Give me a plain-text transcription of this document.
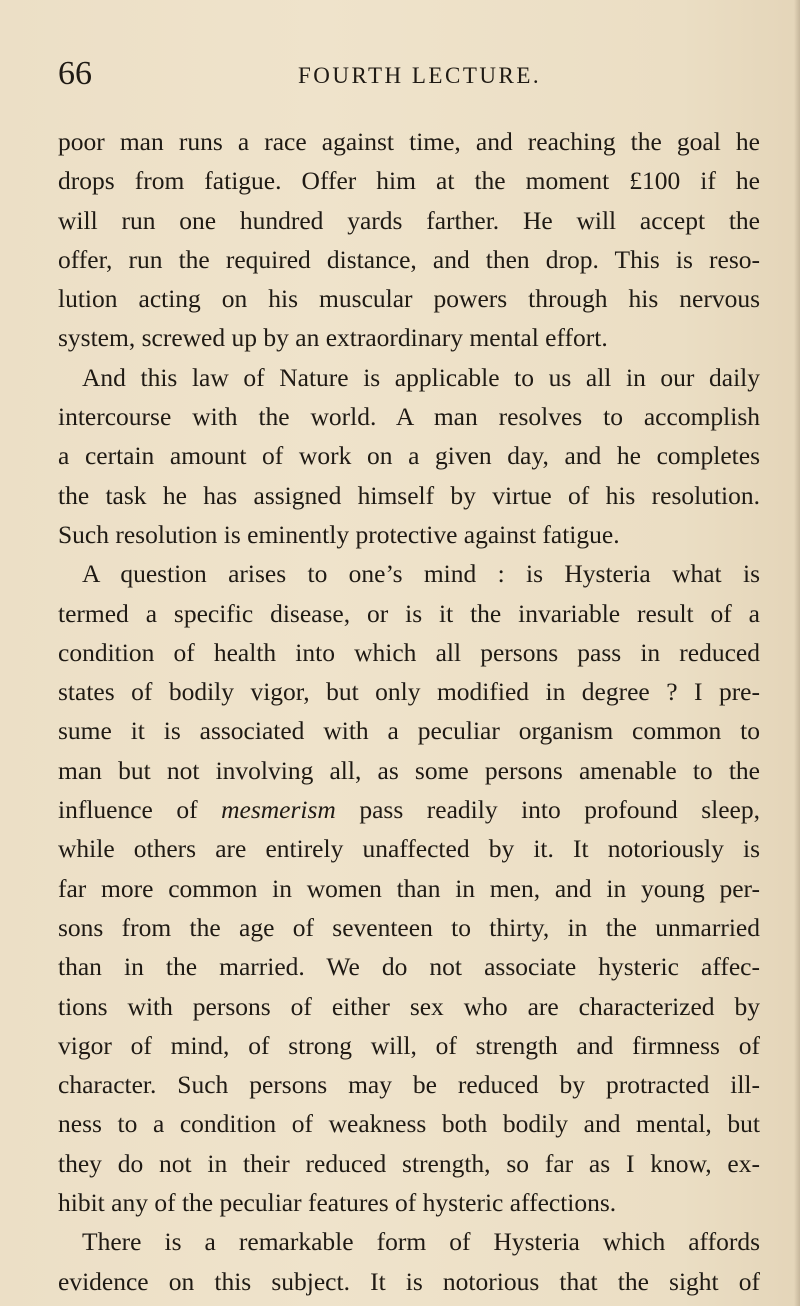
66	FOURTH LECTURE.
poor man runs a race against time, and reaching the goal he
drops from fatigue. Offer him at the moment £100 if he
will run one hundred yards farther. He will accept the
offer, run the required distance, and then drop. This is reso-
lution acting on his muscular powers through his nervous
system, screwed up by an extraordinary mental effort.
And this law of Nature is applicable to us all in our daily
intercourse with the world. A man resolves to accomplish
a certain amount of work on a given day, and he completes
the task he has assigned himself by virtue of his resolution.
Such resolution is eminently protective against fatigue.
A question arises to one’s mind : is Hysteria what is
termed a specific disease, or is it the invariable result of a
condition of health into which all persons pass in reduced
states of bodily vigor, but only modified in degree ? I pre-
sume it is associated with a peculiar organism common to
man but not involving all, as some persons amenable to the
influence of mesmerism pass readily into profound sleep,
while others are entirely unaffected by it. It notoriously is
far more common in women than in men, and in young per-
sons from the age of seventeen to thirty, in the unmarried
than in the married. We do not associate hysteric affec-
tions with persons of either sex who are characterized by
vigor of mind, of strong will, of strength and firmness of
character. Such persons may be reduced by protracted ill-
ness to a condition of weakness both bodily and mental, but
they do not in their reduced strength, so far as I know, ex-
hibit any of the peculiar features of hysteric affections.
There is a remarkable form of Hysteria which affords
evidence on this subject. It is notorious that the sight of
